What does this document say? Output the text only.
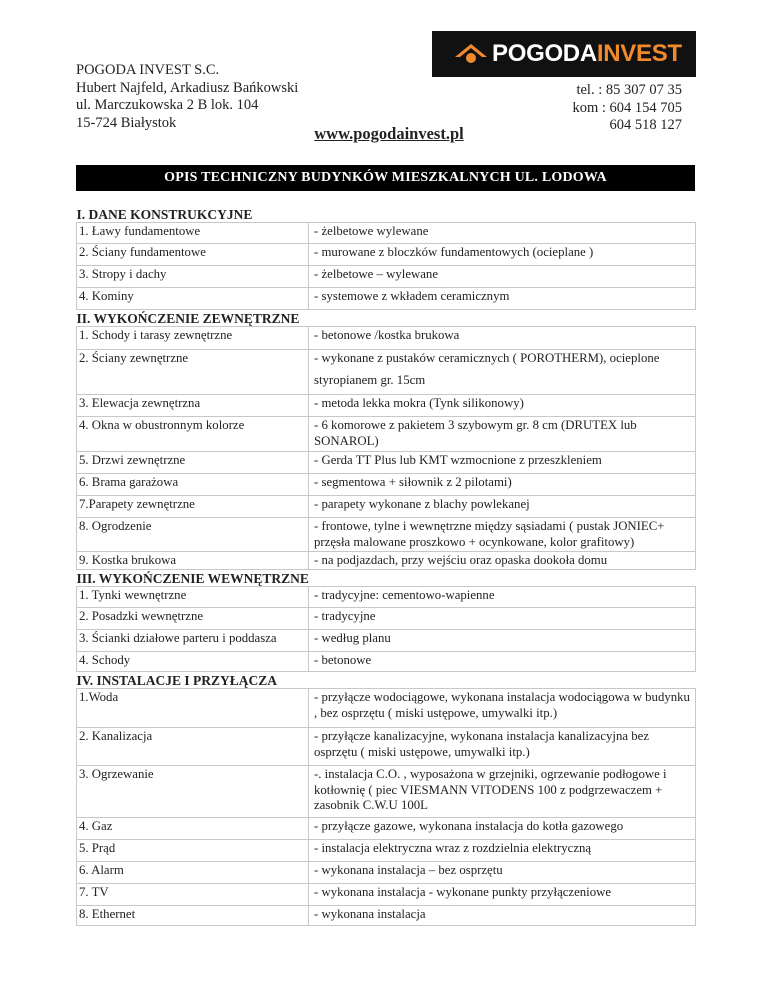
POGODAINVEST
POGODA INVEST S.C.
Hubert Najfeld, Arkadiusz Bańkowski
ul. Marczukowska 2 B lok. 104
15-724 Białystok
tel. : 85 307 07 35
kom : 604 154 705
604 518 127
www.pogodainvest.pl
OPIS TECHNICZNY BUDYNKÓW MIESZKALNYCH UL. LODOWA
I. DANE KONSTRUKCYJNE	
1. Ławy fundamentowe	- żelbetowe wylewane

2. Ściany fundamentowe	- murowane z bloczków fundamentowych (ocieplane )

3. Stropy i dachy	- żelbetowe – wylewane

4. Kominy	- systemowe z wkładem ceramicznym

II. WYKOŃCZENIE ZEWNĘTRZNE	
1. Schody i tarasy zewnętrzne	- betonowe /kostka brukowa

2. Ściany zewnętrzne	- wykonane z pustaków ceramicznych ( POROTHERM), ocieplone
styropianem gr. 15cm

3. Elewacja zewnętrzna	- metoda lekka mokra (Tynk silikonowy)

4. Okna w obustronnym kolorze	- 6 komorowe z pakietem 3 szybowym gr. 8 cm (DRUTEX lub SONAROL)

5. Drzwi zewnętrzne	- Gerda TT Plus lub KMT wzmocnione z przeszkleniem

6. Brama garażowa	- segmentowa + siłownik z 2 pilotami)

7.Parapety zewnętrzne	- parapety wykonane z blachy powlekanej

8. Ogrodzenie	- frontowe, tylne i wewnętrzne między sąsiadami ( pustak JONIEC+ przęsła malowane proszkowo + ocynkowane, kolor grafitowy)

9. Kostka brukowa	- na podjazdach, przy wejściu oraz opaska dookoła domu

III. WYKOŃCZENIE WEWNĘTRZNE	
1. Tynki wewnętrzne	- tradycyjne: cementowo-wapienne

2. Posadzki wewnętrzne	- tradycyjne

3. Ścianki działowe parteru i poddasza	- według planu

4. Schody	- betonowe

IV. INSTALACJE I PRZYŁĄCZA	
1.Woda	- przyłącze wodociągowe, wykonana instalacja wodociągowa w budynku , bez osprzętu ( miski ustępowe, umywalki itp.)

2. Kanalizacja	- przyłącze kanalizacyjne, wykonana instalacja kanalizacyjna bez osprzętu ( miski ustępowe, umywalki itp.)

3. Ogrzewanie	-. instalacja C.O. , wyposażona w grzejniki, ogrzewanie podłogowe i kotłownię ( piec VIESMANN VITODENS 100 z podgrzewaczem + zasobnik C.W.U 100L

4. Gaz	- przyłącze gazowe, wykonana instalacja do kotła gazowego

5. Prąd	- instalacja elektryczna wraz z rozdzielnia elektryczną

6. Alarm	- wykonana instalacja – bez osprzętu

7. TV	- wykonana instalacja - wykonane punkty przyłączeniowe

8. Ethernet	- wykonana instalacja
